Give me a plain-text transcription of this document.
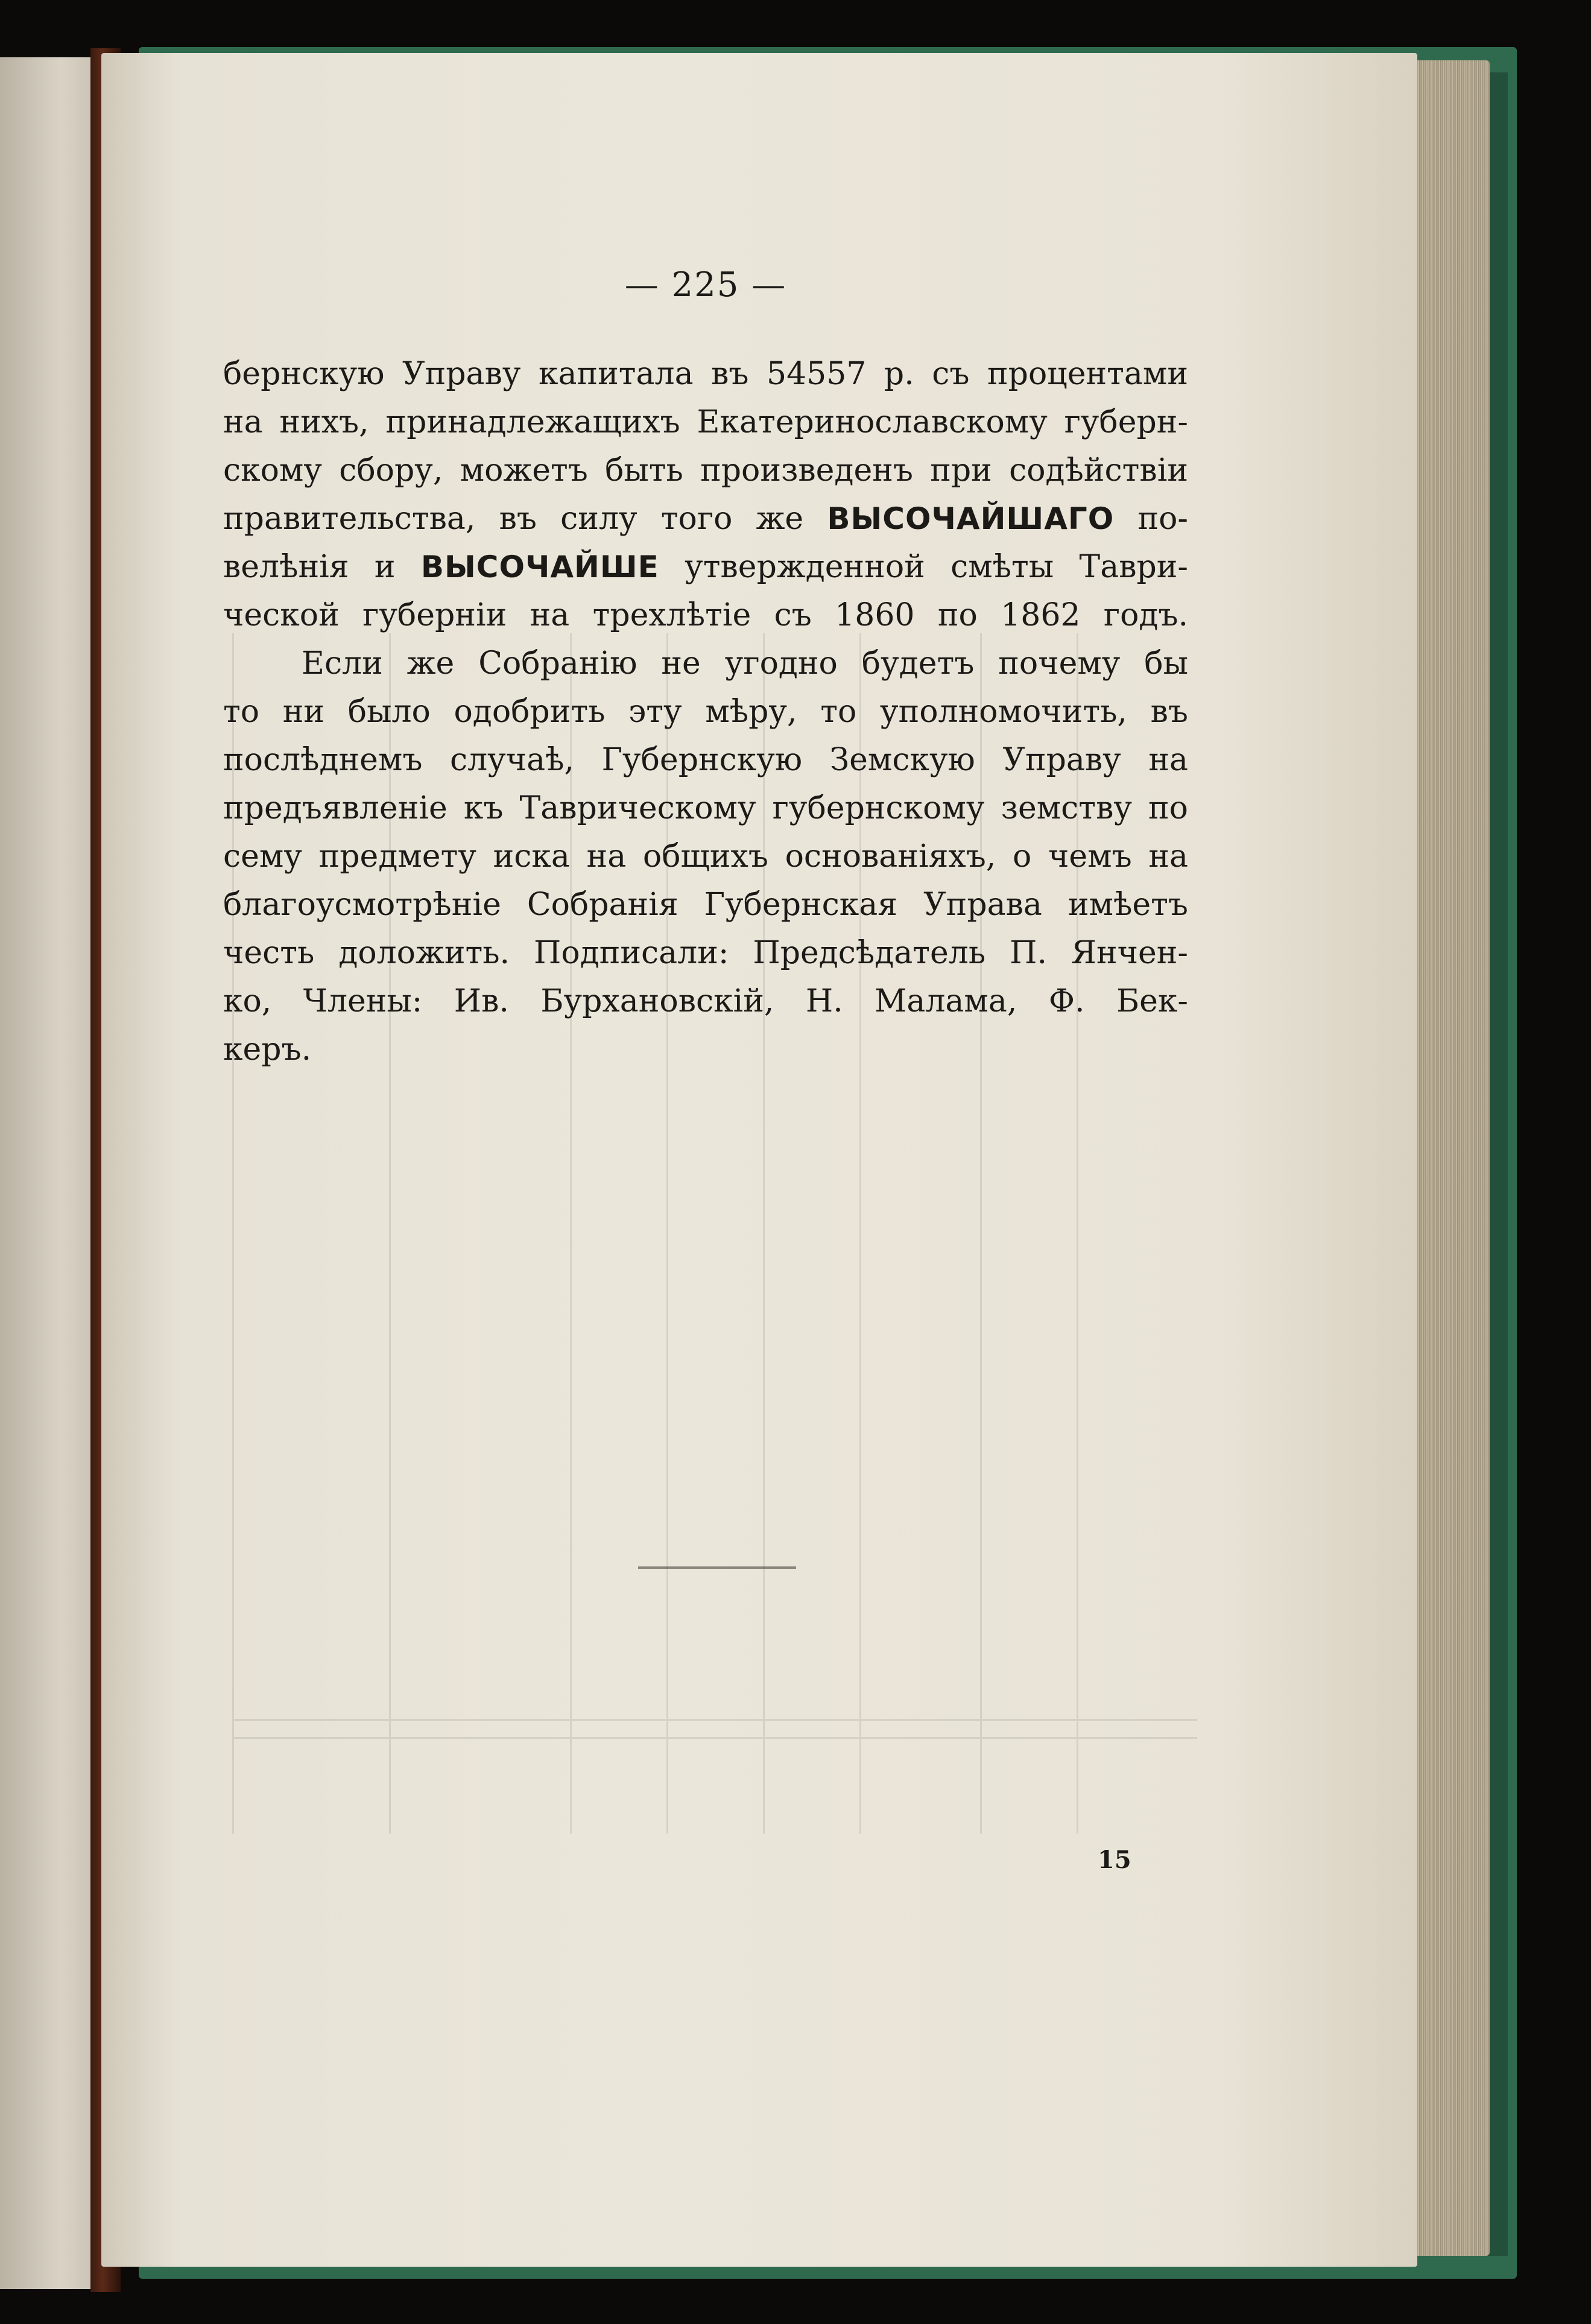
— 225 —
бернскую Управу капитала въ 54557 р. съ процентами
на нихъ, принадлежащихъ Екатеринославскому губерн-
скому сбору, можетъ быть произведенъ при содѣйствіи
правительства, въ силу того же ВЫСОЧАЙШАГО по-
велѣнія и ВЫСОЧАЙШЕ утвержденной смѣты Таври-
ческой губерніи на трехлѣтіе съ 1860 по 1862 годъ.
Если же Собранію не угодно будетъ почему бы
то ни было одобрить эту мѣру, то уполномочить, въ
послѣднемъ случаѣ, Губернскую Земскую Управу на
предъявленіе къ Таврическому губернскому земству по
сему предмету иска на общихъ основаніяхъ, о чемъ на
благоусмотрѣніе Собранія Губернская Управа имѣетъ
честь доложить. Подписали: Предсѣдатель П. Янчен-
ко, Члены: Ив. Бурхановскій, Н. Малама, Ф. Бек-
керъ.
15
